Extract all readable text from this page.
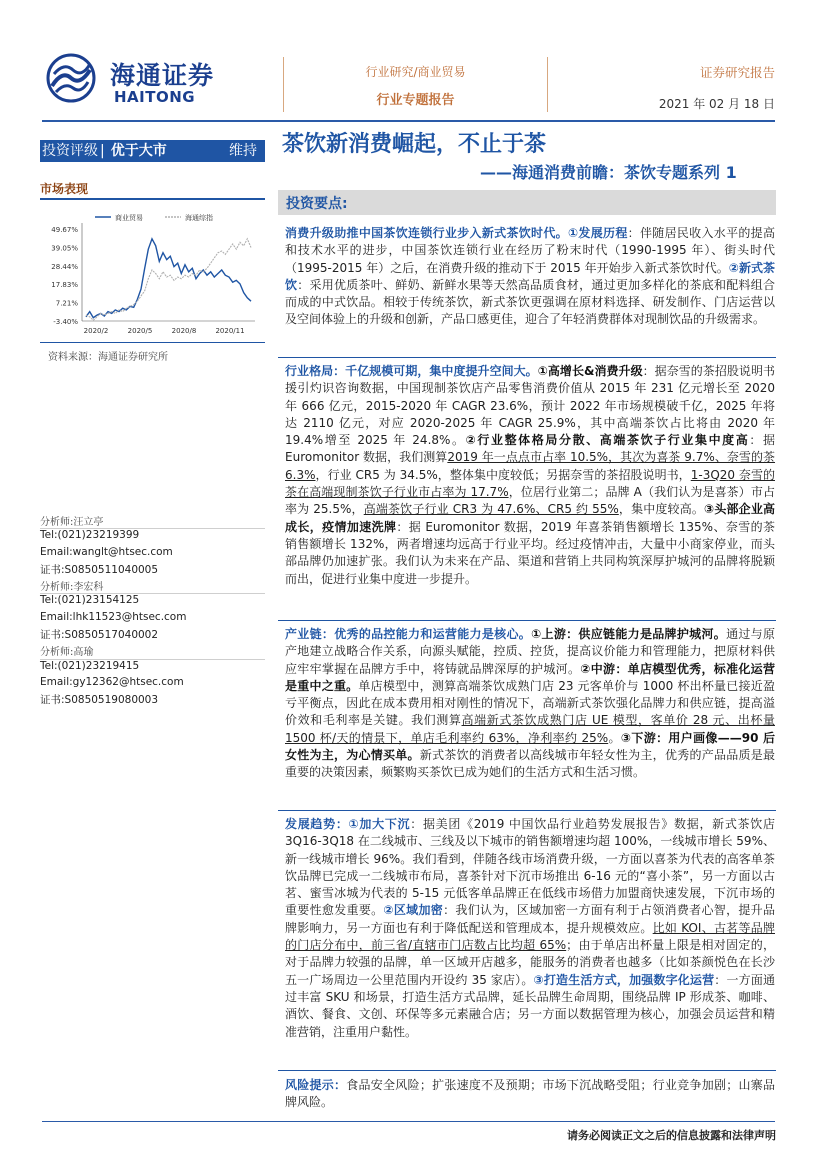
海通证券
HAITONG
行业研究/商业贸易
行业专题报告
证券研究报告
2021 年 02 月 18 日
投资评级 | 优于大市	维持 茶饮新消费崛起，不止于茶
——海通消费前瞻：茶饮专题系列 1
市场表现
商业贸易	海通综指
49.67%
39.05%
28.44%
17.83%
7.21%
-3.40%
2020/2	2020/5	2020/8	2020/11
资料来源：海通证券研究所
分析师:汪立亭
Tel:(021)23219399
Email:wanglt@htsec.com
证书:S0850511040005
分析师:李宏科
Tel:(021)23154125
Email:lhk11523@htsec.com
证书:S0850517040002
分析师:高瑜
Tel:(021)23219415
Email:gy12362@htsec.com
证书:S0850519080003
投资要点:
消费升级助推中国茶饮连锁行业步入新式茶饮时代。①发展历程：伴随居民收入水平的提高和技术水平的进步，中国茶饮连锁行业在经历了粉末时代（1990-1995 年）、街头时代（1995-2015 年）之后，在消费升级的推动下于 2015 年开始步入新式茶饮时代。②新式茶饮：采用优质茶叶、鲜奶、新鲜水果等天然高品质食材，通过更加多样化的茶底和配料组合而成的中式饮品。相较于传统茶饮，新式茶饮更强调在原材料选择、研发制作、门店运营以及空间体验上的升级和创新，产品口感更佳，迎合了年轻消费群体对现制饮品的升级需求。
行业格局：千亿规模可期，集中度提升空间大。①高增长&消费升级：据奈雪的茶招股说明书援引灼识咨询数据，中国现制茶饮店产品零售消费价值从 2015 年 231 亿元增长至 2020 年 666 亿元，2015-2020 年 CAGR 23.6%，预计 2022 年市场规模破千亿，2025 年将达 2110 亿元，对应 2020-2025 年 CAGR 25.9%，其中高端茶饮占比将由 2020 年 19.4%增至 2025 年 24.8%。②行业整体格局分散、高端茶饮子行业集中度高：据 Euromonitor 数据，我们测算2019 年一点点市占率 10.5%，其次为喜茶 9.7%、奈雪的茶 6.3%，行业 CR5 为 34.5%，整体集中度较低；另据奈雪的茶招股说明书，1-3Q20 奈雪的茶在高端现制茶饮子行业市占率为 17.7%，位居行业第二；品牌 A（我们认为是喜茶）市占率为 25.5%，高端茶饮子行业 CR3 为 47.6%、CR5 约 55%，集中度较高。③头部企业高成长，疫情加速洗牌：据 Euromonitor 数据，2019 年喜茶销售额增长 135%、奈雪的茶销售额增长 132%，两者增速均远高于行业平均。经过疫情冲击，大量中小商家停业，而头部品牌仍加速扩张。我们认为未来在产品、渠道和营销上共同构筑深厚护城河的品牌将脱颖而出，促进行业集中度进一步提升。
产业链：优秀的品控能力和运营能力是核心。①上游：供应链能力是品牌护城河。通过与原产地建立战略合作关系，向源头赋能，控质、控货，提高议价能力和管理能力，把原材料供应牢牢掌握在品牌方手中，将铸就品牌深厚的护城河。②中游：单店模型优秀，标准化运营是重中之重。单店模型中，测算高端茶饮成熟门店 23 元客单价与 1000 杯出杯量已接近盈亏平衡点，因此在成本费用相对刚性的情况下，高端新式茶饮强化品牌力和供应链，提高溢价效和毛利率是关键。我们测算高端新式茶饮成熟门店 UE 模型，客单价 28 元、出杯量 1500 杯/天的情景下，单店毛利率约 63%，净利率约 25%。③下游：用户画像——90 后女性为主，为心情买单。新式茶饮的消费者以高线城市年轻女性为主，优秀的产品品质是最重要的决策因素，频繁购买茶饮已成为她们的生活方式和生活习惯。
发展趋势：①加大下沉：据美团《2019 中国饮品行业趋势发展报告》数据，新式茶饮店 3Q16-3Q18 在二线城市、三线及以下城市的销售额增速均超 100%，一线城市增长 59%、新一线城市增长 96%。我们看到，伴随各线市场消费升级，一方面以喜茶为代表的高客单茶饮品牌已完成一二线城市布局，喜茶针对下沉市场推出 6-16 元的“喜小茶”，另一方面以古茗、蜜雪冰城为代表的 5-15 元低客单品牌正在低线市场借力加盟商快速发展，下沉市场的重要性愈发重要。②区域加密：我们认为，区域加密一方面有利于占领消费者心智，提升品牌影响力，另一方面也有利于降低配送和管理成本，提升规模效应。比如 KOI、古茗等品牌的门店分布中，前三省/直辖市门店数占比均超 65%；由于单店出杯量上限是相对固定的，对于品牌力较强的品牌，单一区域开店越多，能服务的消费者也越多（比如茶颜悦色在长沙五一广场周边一公里范围内开设约 35 家店）。③打造生活方式，加强数字化运营：一方面通过丰富 SKU 和场景，打造生活方式品牌，延长品牌生命周期，围绕品牌 IP 形成茶、咖啡、酒饮、餐食、文创、环保等多元素融合店；另一方面以数据管理为核心，加强会员运营和精准营销，注重用户黏性。
风险提示：食品安全风险；扩张速度不及预期；市场下沉战略受阻；行业竞争加剧；山寨品牌风险。
请务必阅读正文之后的信息披露和法律声明
